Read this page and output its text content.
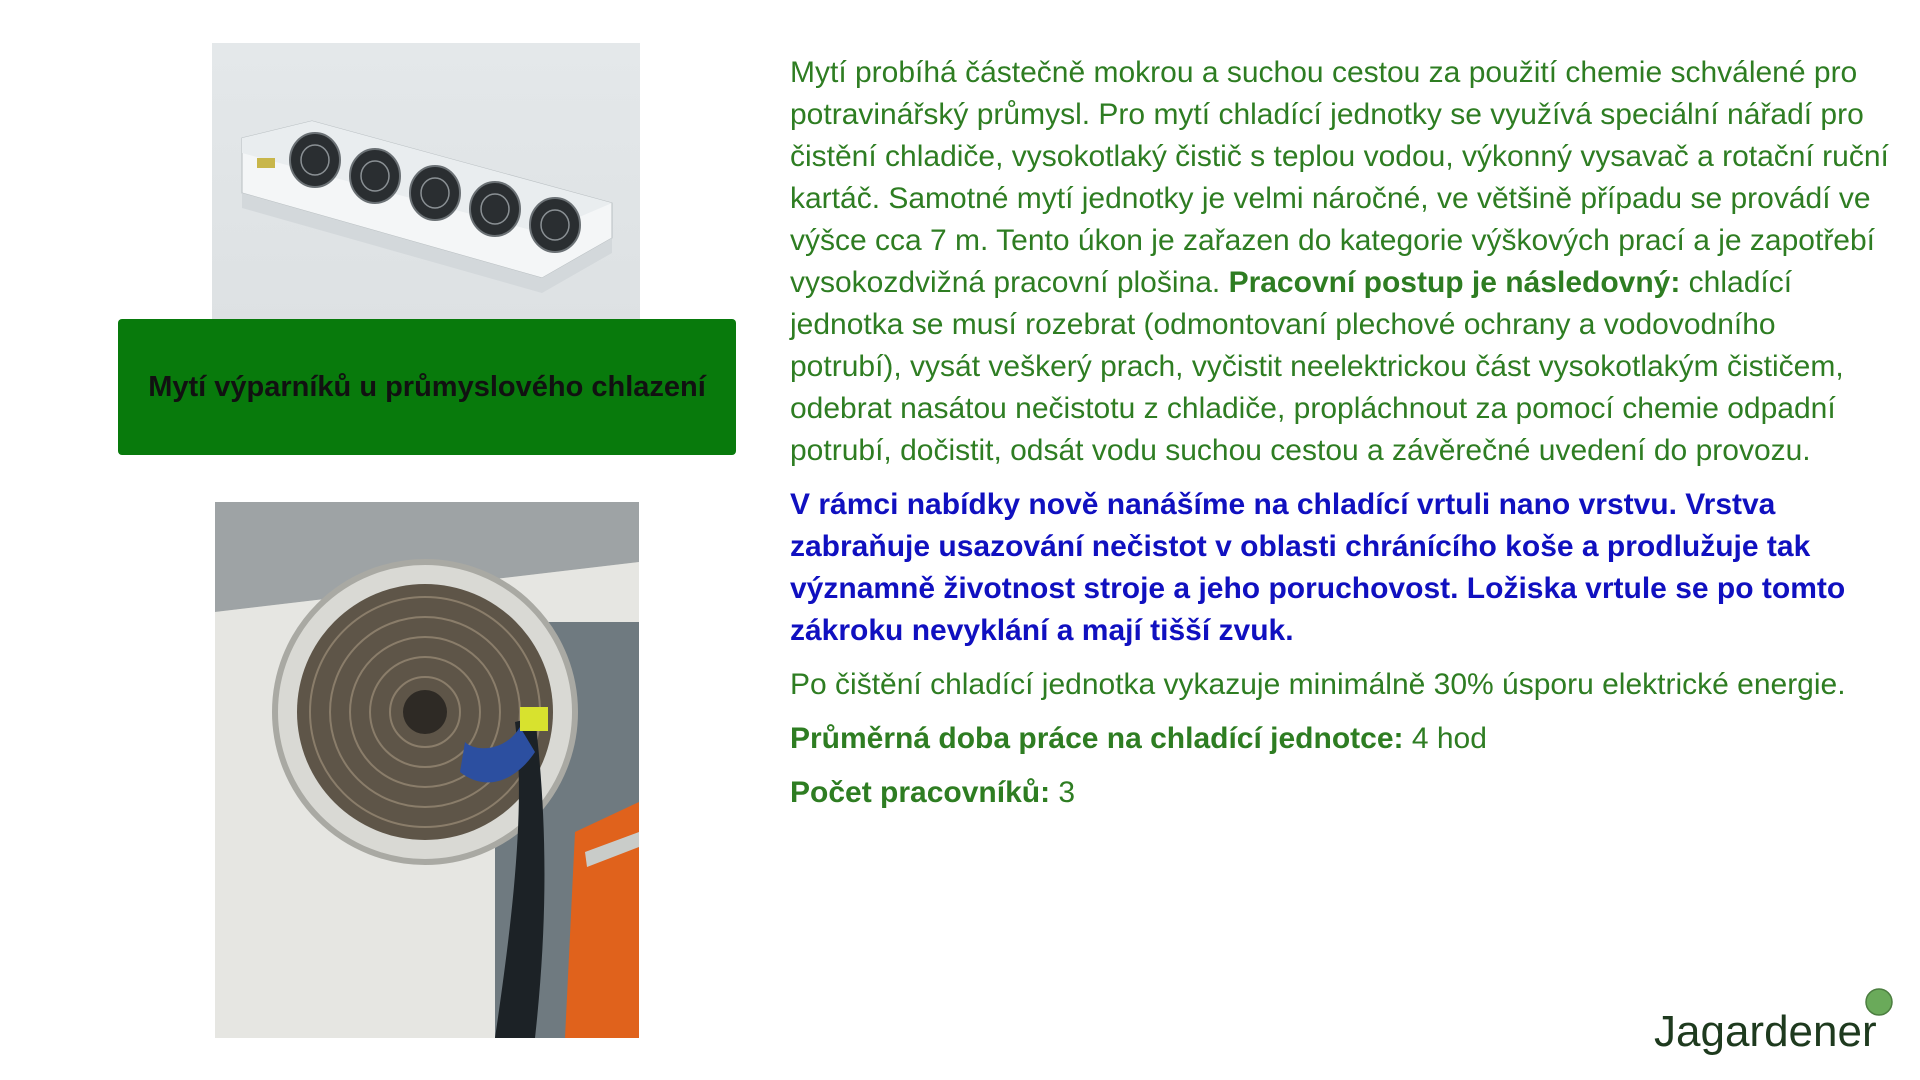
Mytí výparníků u průmyslového chlazení

Mytí probíhá částečně mokrou a suchou cestou za použití chemie schválené pro potravinářský průmysl. Pro mytí chladící jednotky se využívá speciální nářadí pro čistění chladiče, vysokotlaký čistič s teplou vodou, výkonný vysavač a rotační ruční kartáč. Samotné mytí jednotky je velmi náročné, ve většině případu se provádí ve výšce cca 7 m. Tento úkon je zařazen do kategorie výškových prací a je zapotřebí vysokozdvižná pracovní plošina. Pracovní postup je následovný: chladící jednotka se musí rozebrat (odmontovaní plechové ochrany a vodovodního potrubí), vysát veškerý prach, vyčistit neelektrickou část vysokotlakým čističem, odebrat nasátou nečistotu z chladiče, propláchnout za pomocí chemie odpadní potrubí, dočistit, odsát vodu suchou cestou a závěrečné uvedení do provozu.

V rámci nabídky nově nanášíme na chladící vrtuli nano vrstvu. Vrstva zabraňuje usazování nečistot v oblasti chránícího koše a prodlužuje tak významně životnost stroje a jeho poruchovost. Ložiska vrtule se po tomto zákroku nevyklání a mají tišší zvuk.

Po čištění chladící jednotka vykazuje minimálně 30% úsporu elektrické energie.

Průměrná doba práce na chladící jednotce: 4 hod

Počet pracovníků: 3

Jagardener
